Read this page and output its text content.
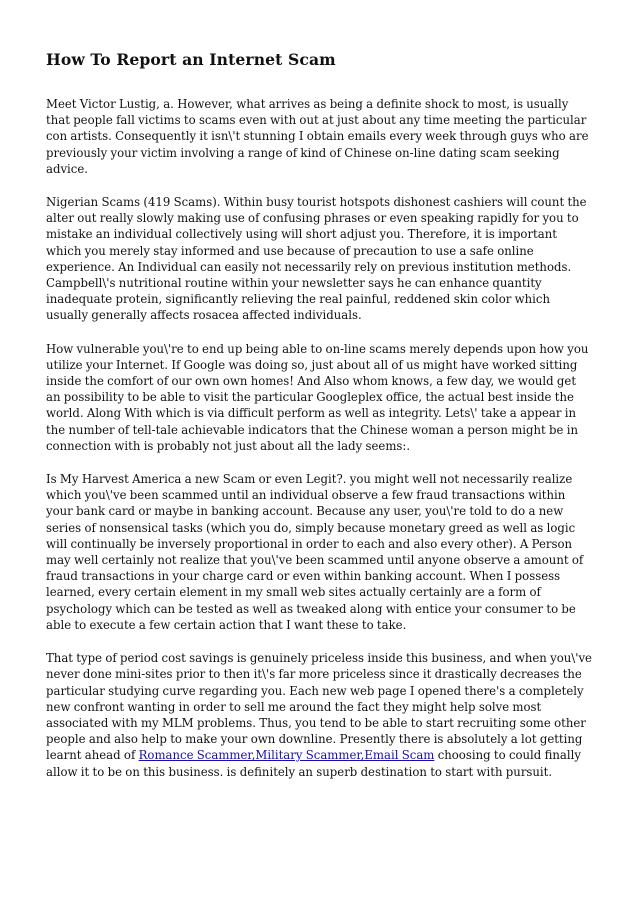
How To Report an Internet Scam

Meet Victor Lustig, a. However, what arrives as being a definite shock to most, is usually that people fall victims to scams even with out at just about any time meeting the particular con artists. Consequently it isn\'t stunning I obtain emails every week through guys who are previously your victim involving a range of kind of Chinese on-line dating scam seeking advice.

Nigerian Scams (419 Scams). Within busy tourist hotspots dishonest cashiers will count the alter out really slowly making use of confusing phrases or even speaking rapidly for you to mistake an individual collectively using will short adjust you. Therefore, it is important which you merely stay informed and use because of precaution to use a safe online experience. An Individual can easily not necessarily rely on previous institution methods. Campbell\'s nutritional routine within your newsletter says he can enhance quantity inadequate protein, significantly relieving the real painful, reddened skin color which usually generally affects rosacea affected individuals.

How vulnerable you\'re to end up being able to on-line scams merely depends upon how you utilize your Internet. If Google was doing so, just about all of us might have worked sitting inside the comfort of our own own homes! And Also whom knows, a few day, we would get an possibility to be able to visit the particular Googleplex office, the actual best inside the world. Along With which is via difficult perform as well as integrity. Lets\' take a appear in the number of tell-tale achievable indicators that the Chinese woman a person might be in connection with is probably not just about all the lady seems:.

Is My Harvest America a new Scam or even Legit?. you might well not necessarily realize which you\'ve been scammed until an individual observe a few fraud transactions within your bank card or maybe in banking account. Because any user, you\'re told to do a new series of nonsensical tasks (which you do, simply because monetary greed as well as logic will continually be inversely proportional in order to each and also every other). A Person may well certainly not realize that you\'ve been scammed until anyone observe a amount of fraud transactions in your charge card or even within banking account. When I possess learned, every certain element in my small web sites actually certainly are a form of psychology which can be tested as well as tweaked along with entice your consumer to be able to execute a few certain action that I want these to take.

That type of period cost savings is genuinely priceless inside this business, and when you\'ve never done mini-sites prior to then it\'s far more priceless since it drastically decreases the particular studying curve regarding you. Each new web page I opened there's a completely new confront wanting in order to sell me around the fact they might help solve most associated with my MLM problems. Thus, you tend to be able to start recruiting some other people and also help to make your own downline. Presently there is absolutely a lot getting learnt ahead of Romance Scammer,Military Scammer,Email Scam choosing to could finally allow it to be on this business. is definitely an superb destination to start with pursuit.
